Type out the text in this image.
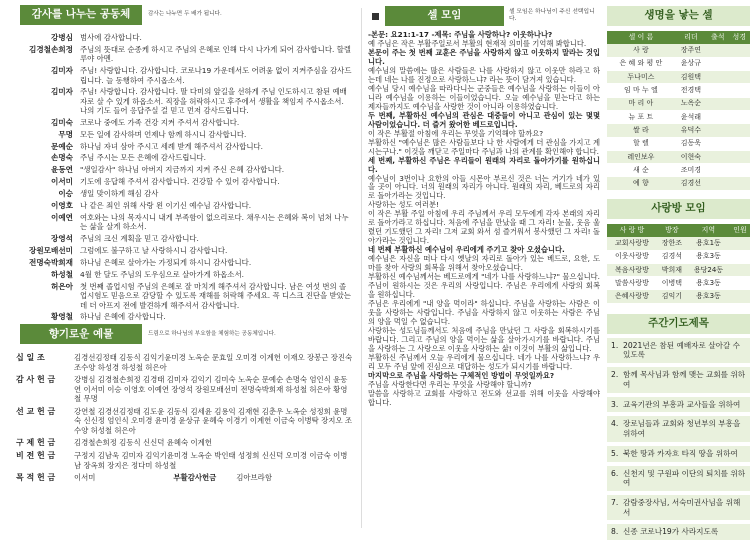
감사를 나누는 공동체	감사는 나누면 두 배가 됩니다.
강병심	범사에 감사합니다.
김경철손희정	주님의 뜻대로 순종케 하시고 주님의 은혜로 인해 다시 나가게 되어 감사합니다. 할렐루야 아멘.
김미자	주님! 사랑합니다. 감사합니다. 코로나19 가운데서도 어려움 없이 지켜주심을 감사드립니다. 늘 동행하여 주시옵소서.
김미자	주님! 사랑합니다. 감사합니다. 딸 다미의 앞길을 선하게 주님 인도하시고 참된 예배자로 살 수 있게 하옵소서. 직장을 허락하시고 후주에서 생활을 책임져 주시옵소서. 나의 기도 들어 응답주실 걸 믿고 먼저 감사드립니다.
김미숙	코로나 중에도 가족 건강 지켜 주셔서 감사합니다.
무명	모든 일에 감사하며 언제나 함께 하시니 감사합니다.
문예순	하나님 자녀 삼아 주시고 세례 받게 해주셔서 감사합니다.
손명숙	주님 주시는 모든 은혜에 감사드립니다.
윤동연	"생일감사" 하나님 아버지 지금까지 지켜 주신 은혜 감사합니다.
이서미	기도에 응답해 주셔서 감사합니다. 건강할 수 있어 감사합니다.
이승	생일 맞이하게 해심 감사
이영호	나 같은 죄인 위해 사랑 왼 이기신 예수님 감사합니다.
이예연	여호와는 나의 목자시니 내게 부족함이 없으리로다. 채우시는 은혜와 복이 넘쳐 나누는 삶을 살게 하소서.
장영석	주님의 크신 계획을 믿고 감사합니다.
장원모배선미	그럼에도 불구하고 날 사랑하시니 감사합니다.
전명숙박희재	하나님 은혜로 살아가는 가정되게 하시니 감사합니다.
하성철	4월 한 달도 주님의 도우심으로 살아가게 하옵소서.
허은아	첫 번째 졸업시험 주님의 은혜로 잘 마치게 해주셔서 감사합니다. 남은 여섯 번의 졸업시험도 믿음으로 감당할 수 있도록 재해를 허락해 주세요. 꼭 디스크 진단을 받았는데 더 아프지 전에 발견하게 해주셔서 감사합니다.
황영철	하나님 은혜에 감사합니다.
향기로운 예물	드림으로 하나님의 부요함을 체험하는 공동체입니다.
십 일 조	김경선김정태 김동식 김익기윤미경 노옥순 문효일 오미경 이계헌 이재오 장봉근 장진숙 조수양 하성경 하성철 허은아
감 사 헌 금	강병심 김경철손희정 김경태 김미자 김익기 김미숙 노옥순 문예순 손명숙 엄인식 윤동연 이서미 이승 이영호 이예연 장영석 장원모배선미 전명숙박희재 하성철 허은아 황영철 무명
선 교 헌 금	강연철 김경선김정태 김도윤 김동식 김세윤 김용익 김재현 김춘우 노옥순 성정희 윤명숙 신신정 엄인식 오미경 윤미경 윤상규 윤혜숙 이경기 이계헌 이금숙 이병탁 장지오 조수양 허성철 허은아
구 제 헌 금	김경철손희정 김동식 신신덕 윤혜숙 이계헌
비 전 헌 금	구정지 김남욱 김미자 김익기윤미경 노옥순 박인태 성정희 신신덕 오미경 이금숙 이병남 장옥희 장지은 정다미 하성철
목 적 헌 금	이서미 부활감사헌금 김아브라함
셀 모임	셀 모임은 하나님이 주신 선택입니다.
-본문: 요21:1-17 -제목: 주님을 사랑하나? 이웃하나나?
예 주님은 작은 부활주일로서 부활의 현재적 의미를 기억해 봐합니다.
본문이 주는 첫 번째 교훈은 주님을 사랑하지 않고 이웃하지 말라는 것입니다.
예수님의 말씀에는 많은 사람들은 나를 사랑하지 않고 이웃만 하라고 하는데 네는 나를 진정으로 사랑하느냐? 라는 뜻이 담겨져 있습니다.
예수님 당시 예수님을 따라다니는 군중들은 예수님을 사랑하는 이들이 아니라 예수님을 이용하는 이들이었습니다. 오늘 예수님을 믿는다고 하는 제자들까지도 예수님을 사랑한 것이 아니라 이용하였습니다.
두 번째, 부활하신 예수님의 관심은 대중들이 아니고 관심이 있는 몇몇 사람이었습니다. 더 즐거 왔어한 베드로입니다.
이 작은 부활절 아침에 우리는 무엇을 기억해야 할까요?
부활하신 "예수님은 많은 사람들보다 나 한 사람에게 더 관심을 가지고 계시는구나." 이것을 깨닫고 주일마다 주님과 나의 관계를 확인해야 합니다.
세 번째, 부활하신 주님은 우리들이 원래의 자리로 돌아가기를 원하십니다.
예수님이 3번이나 요한의 아들 시몬아 부르신 것은 너는 거기가 네가 있을 곳이 아니다. 너의 원래의 자리가 아니다. 원래의 자리, 베드로의 자리로 돌아가라는 것입니다.
사랑하는 성도 여러분!
이 작은 부활 주일 아침에 우리 주님께서 우리 모두에게 각자 본래의 자리로 돌아가라고 하십니다. 처음에 주님을 만났을 때 그 자리! 눈물, 웃음 울렸던 기도했던 그 자리! 그저 교회 와서 섬 즐거워서 봉사했던 그 자리! 돌아가라는 것입니다.
네 번째 부활하신 예수님이 우리에게 주기고 찾아 오셨습니다.
예수님은 자신을 떠나 다시 옛날의 자리로 돌아가 있는 베드로, 요한, 도마를 찾아 사랑의 회복을 위해서 찾아오셨습니다.
부활하신 예수님께서는 베드로에게 "네가 나를 사랑하느냐?" 물으십니다. 주님이 원하시는 것은 우리의 사랑입니다. 주님은 우리에게 사랑의 회복을 원하십니다.
주님은 우리에게 "내 양을 먹이라" 하십니다. 주님을 사랑하는 사람은 이웃을 사랑하는 사람입니다. 주님을 사랑하지 않고 이웃하는 사람은 주님의 양을 먹일 수 없습니다.
사랑하는 성도님들께서도 처음에 주님을 만났던 그 사랑을 회복하시기를 바랍니다. 그리고 주님의 양을 먹이는 삶을 살아가시기를 바랍니다. 주님을 사랑하는 그 사랑으로 이웃을 사랑하는 삶! 이것이 부활의 삶입니다.
부활하신 주님께서 오늘 우리에게 물으십니다. 네가 나를 사랑하느냐? 우리 모두 주님 앞에 진심으로 대답하는 성도가 되시기를 바랍니다.
마지막으로 주님을 사랑하는 구체적인 방법이 무엇일까요?
주님을 사랑한다면 우리는 무엇을 사랑해야 할니까?
말씀을 사랑하고 교회를 사랑하고 전도와 선교를 위해 이웃을 사랑해야 합니다.
생명을 낳는 셀
셀 이 름	리더	출석	성경
사 랑	장주연		
은 혜 와 평 안	윤상규		
두나미스	김원택		
임 마 누 엘	전경택		
마 리 아	노옥순		
뉴 포 트	윤석래		
쌀 라	유덕수		
할 렐	김동욱		
레인보우	이현숙		
새 순	조미경		
예 향	김경선		
사랑방 모임
사 랑 방	방장	지역	인원
교회사랑방	장한조	용호1동	
이웃사랑방	김경석	용호3동	
복음사랑방	박희재	용당24동	
말씀사랑방	이병택	용호3동	
은혜사랑방	김익기	용호3동	
주간기도제목
1. 2021년은 참된 예배자로 살아갈 수 있도록
2. 함께 목사님과 함께 맺는 교회를 위하여
3. 교육기관의 부흥과 교사들을 위하여
4. 장로님들과 교회와 청년부의 부흥을 위하여
5. 북한 땅과 카자흐 타직 땅을 위하여
6. 신천지 및 구원파 이단의 퇴치를 위하여
7. 감람중장사님, 서숙미권사님을 위해서
8. 신종 코로나19가 사라지도록
